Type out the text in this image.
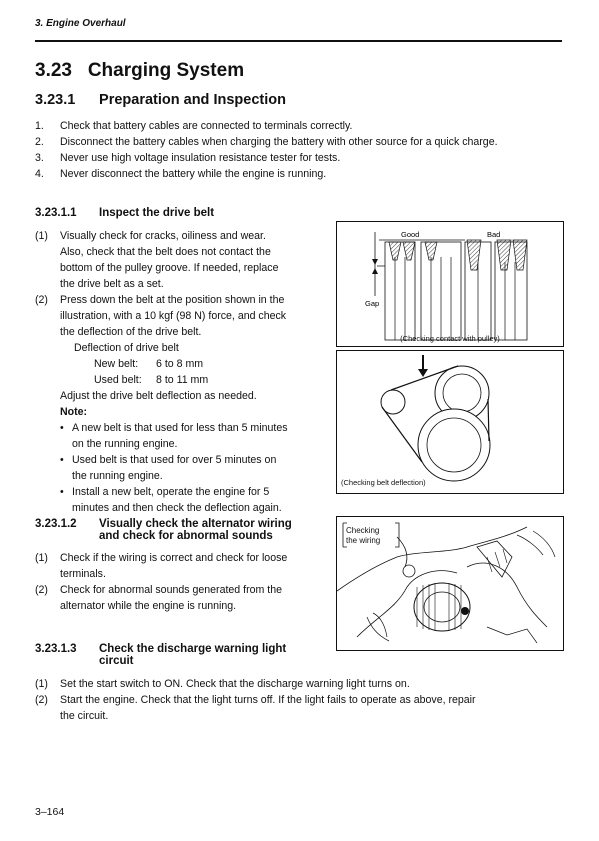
3. Engine Overhaul
3.23 Charging System
3.23.1 Preparation and Inspection
1.	Check that battery cables are connected to terminals correctly.
2.	Disconnect the battery cables when charging the battery with other source for a quick charge.
3.	Never use high voltage insulation resistance tester for tests.
4.	Never disconnect the battery while the engine is running.
3.23.1.1 Inspect the drive belt
(1)	Visually check for cracks, oiliness and wear.
Also, check that the belt does not contact the
bottom of the pulley groove. If needed, replace
the drive belt as a set.
(2)	Press down the belt at the position shown in the
illustration, with a 10 kgf (98 N) force, and check
the deflection of the drive belt.
Deflection of drive belt
New belt: 6 to 8 mm
Used belt: 8 to 11 mm
Adjust the drive belt deflection as needed.
Note:
• A new belt is that used for less than 5 minutes
on the running engine.
• Used belt is that used for over 5 minutes on
the running engine.
• Install a new belt, operate the engine for 5
minutes and then check the deflection again.
Good	Bad
Gap
(Checking contact with pulley)
(Checking belt deflection)
3.23.1.2 Visually check the alternator wiring
and check for abnormal sounds
(1)	Check if the wiring is correct and check for loose
terminals.
(2)	Check for abnormal sounds generated from the
alternator while the engine is running.
Checking
the wiring
3.23.1.3 Check the discharge warning light
circuit
(1)	Set the start switch to ON. Check that the discharge warning light turns on.
(2)	Start the engine. Check that the light turns off. If the light fails to operate as above, repair
the circuit.
3–164
